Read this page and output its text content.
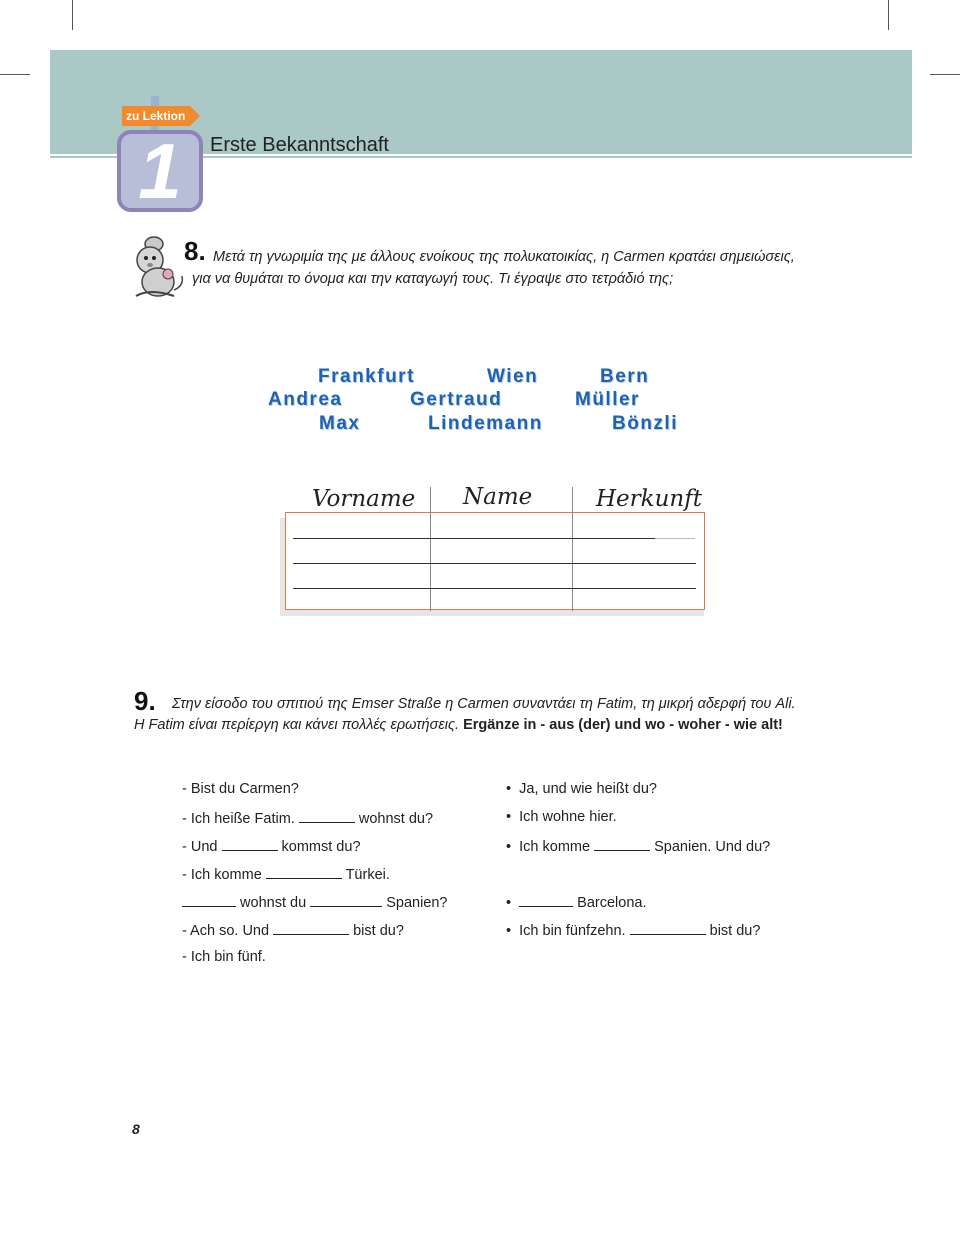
zu Lektion
1	Erste Bekanntschaft
8. Μετά τη γνωριμία της με άλλους ενοίκους της πολυκατοικίας, η Carmen κρατάει σημειώσεις,
για να θυμάται το όνομα και την καταγωγή τους. Τι έγραψε στο τετράδιό της;
Frankfurt	Wien	Bern
Andrea	Gertraud	Müller
Max	Lindemann	Bönzli
Vorname Name	Herkunft
9. Στην είσοδο του σπιτιού της Emser Straße η Carmen συναντάει τη Fatim, τη μικρή αδερφή του Ali.
Η Fatim είναι περίεργη και κάνει πολλές ερωτήσεις. Ergänze in - aus (der) und wo - woher - wie alt!
- Bist du Carmen?
- Ich heiße Fatim.	wohnst du?
- Und	kommst du?
- Ich komme	Türkei.
wohnst du	Spanien?
- Ach so. Und	bist du?
- Ich bin fünf.
• Ja, und wie heißt du?
• Ich wohne hier.
• Ich komme	Spanien. Und du?
•	Barcelona.
• Ich bin fünfzehn.	bist du?
8
